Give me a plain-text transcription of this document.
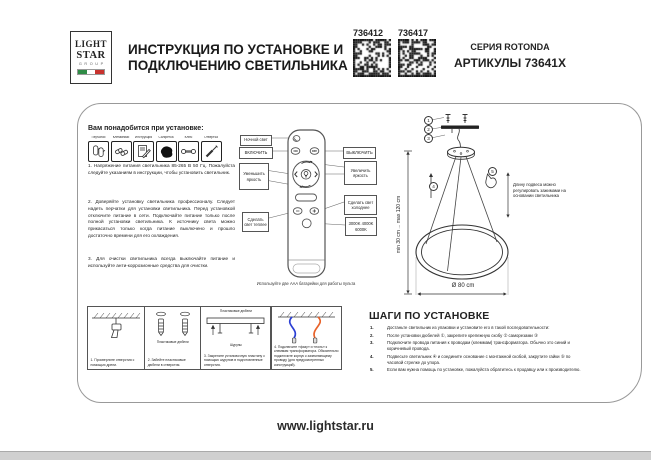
LIGHT
STAR
GROUP
ИНСТРУКЦИЯ ПО УСТАНОВКЕ И
ПОДКЛЮЧЕНИЮ СВЕТИЛЬНИКА
736412	736417
СЕРИЯ ROTONDA
АРТИКУЛЫ 73641X
Вам понадобится при установке:
Перчатки	Клеммники	Инструкция	Салфетка	Ключ	Отвертка
1. Напряжение питания светильника 85-265 В 50 Гц. Пожалуйста следуйте указаниям в инструкции, чтобы установить светильник.
2. Доверяйте установку светильника профессионалу. Следует надеть перчатки для установки светильника. Перед установкой отключите питание в сети. Подключайте питание только после полной установки светильника. К источнику света можно прикасаться только когда питание выключено и прошло достаточно времени для его охлаждения.
3. Для очистки светильника всегда выключайте питание и используйте анти-коррозионные средства для очистки.
ON	OFF
Ночной свет
ВКЛЮЧИТЬ
Уменьшить яркость
Сделать свет теплее
ВЫКЛЮЧИТЬ
Увеличить яркость
Сделать свет холоднее
3000K 4000K 6000K
Используйте две AAA батарейки для работы пульта
1
2
3
4
5
min 30 cm ... max 120 cm
Длину подвеса можно регулировать зажимами на основании светильника
Ø 80 cm
1. Просверлите отверстия с помощью дрели.
Пластиковые дюбели
2. Забейте пластиковые дюбели в отверстия.
Пластиковые дюбели
Шурупы
3. Закрепите установочную пластину с помощью шурупов в подготовленные отверстия.
4. Подключите «фазу» и «ноль» к клеммам трансформатора. Обязательно подключите корпус к заземляющему проводу (для предусмотренных конструкций).
ШАГИ ПО УСТАНОВКЕ
1.	Достаньте светильник из упаковки и установите его в такой последовательности:
2.	После установки дюбелей ①, закрепите крепежную скобу ② саморезами ③
3.	Подключите провода питания к проводам (клеммам) трансформатора. Обычно это синий и коричневый провода.
4.	Подвесьте светильник ④ и соедините основание с монтажной скобой, закрутите гайки ⑤ по часовой стрелке до упора.
5.	Если вам нужна помощь по установке, пожалуйста обратитесь к продавцу или к производителю.
www.lightstar.ru
